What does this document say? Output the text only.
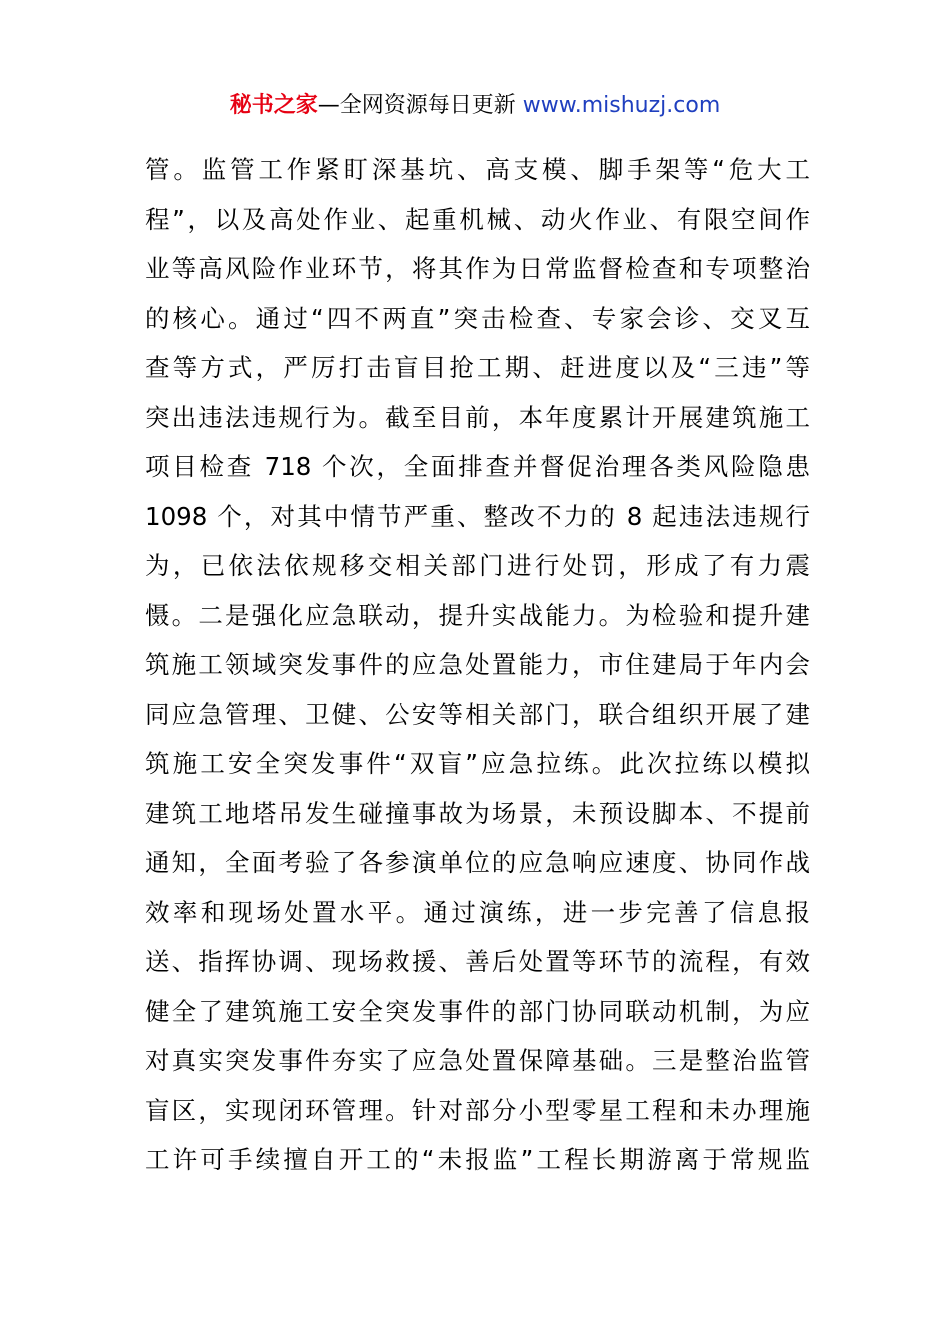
秘书之家—全网资源每日更新 www.mishuzj.com
管。监管工作紧盯深基坑、高支模、脚手架等“危大工
程”，以及高处作业、起重机械、动火作业、有限空间作
业等高风险作业环节，将其作为日常监督检查和专项整治
的核心。通过“四不两直”突击检查、专家会诊、交叉互
查等方式，严厉打击盲目抢工期、赶进度以及“三违”等
突出违法违规行为。截至目前，本年度累计开展建筑施工
项目检查 718 个次，全面排查并督促治理各类风险隐患
1098 个，对其中情节严重、整改不力的 8 起违法违规行
为，已依法依规移交相关部门进行处罚，形成了有力震
慑。二是强化应急联动，提升实战能力。为检验和提升建
筑施工领域突发事件的应急处置能力，市住建局于年内会
同应急管理、卫健、公安等相关部门，联合组织开展了建
筑施工安全突发事件“双盲”应急拉练。此次拉练以模拟
建筑工地塔吊发生碰撞事故为场景，未预设脚本、不提前
通知，全面考验了各参演单位的应急响应速度、协同作战
效率和现场处置水平。通过演练，进一步完善了信息报
送、指挥协调、现场救援、善后处置等环节的流程，有效
健全了建筑施工安全突发事件的部门协同联动机制，为应
对真实突发事件夯实了应急处置保障基础。三是整治监管
盲区，实现闭环管理。针对部分小型零星工程和未办理施
工许可手续擅自开工的“未报监”工程长期游离于常规监
